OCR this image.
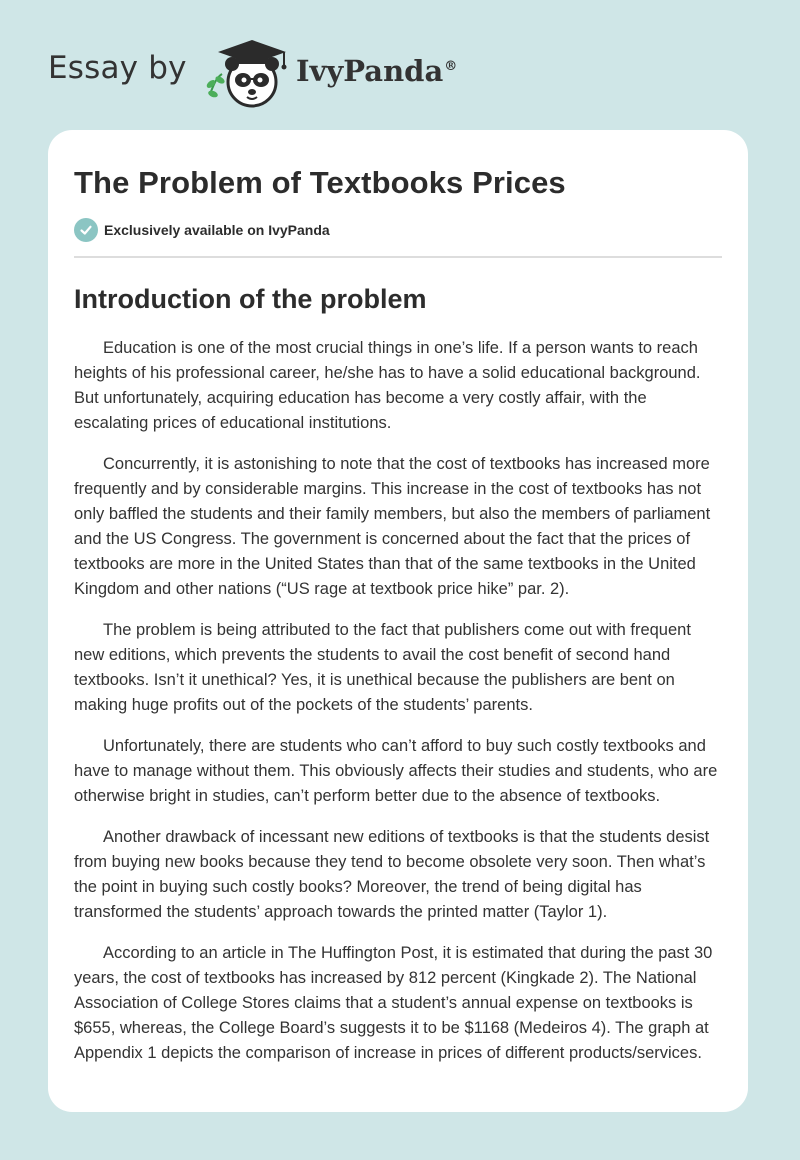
Essay by	IvyPanda®
The Problem of Textbooks Prices
Exclusively available on IvyPanda
Introduction of the problem

Education is one of the most crucial things in one’s life. If a person wants to reach heights of his professional career, he/she has to have a solid educational background. But unfortunately, acquiring education has become a very costly affair, with the escalating prices of educational institutions.

Concurrently, it is astonishing to note that the cost of textbooks has increased more frequently and by considerable margins. This increase in the cost of textbooks has not only baffled the students and their family members, but also the members of parliament and the US Congress. The government is concerned about the fact that the prices of textbooks are more in the United States than that of the same textbooks in the United Kingdom and other nations (“US rage at textbook price hike” par. 2).

The problem is being attributed to the fact that publishers come out with frequent new editions, which prevents the students to avail the cost benefit of second hand textbooks. Isn’t it unethical? Yes, it is unethical because the publishers are bent on making huge profits out of the pockets of the students’ parents.

Unfortunately, there are students who can’t afford to buy such costly textbooks and have to manage without them. This obviously affects their studies and students, who are otherwise bright in studies, can’t perform better due to the absence of textbooks.

Another drawback of incessant new editions of textbooks is that the students desist from buying new books because they tend to become obsolete very soon. Then what’s the point in buying such costly books? Moreover, the trend of being digital has transformed the students’ approach towards the printed matter (Taylor 1).

According to an article in The Huffington Post, it is estimated that during the past 30 years, the cost of textbooks has increased by 812 percent (Kingkade 2). The National Association of College Stores claims that a student’s annual expense on textbooks is $655, whereas, the College Board’s suggests it to be $1168 (Medeiros 4). The graph at Appendix 1 depicts the comparison of increase in prices of different products/services.
